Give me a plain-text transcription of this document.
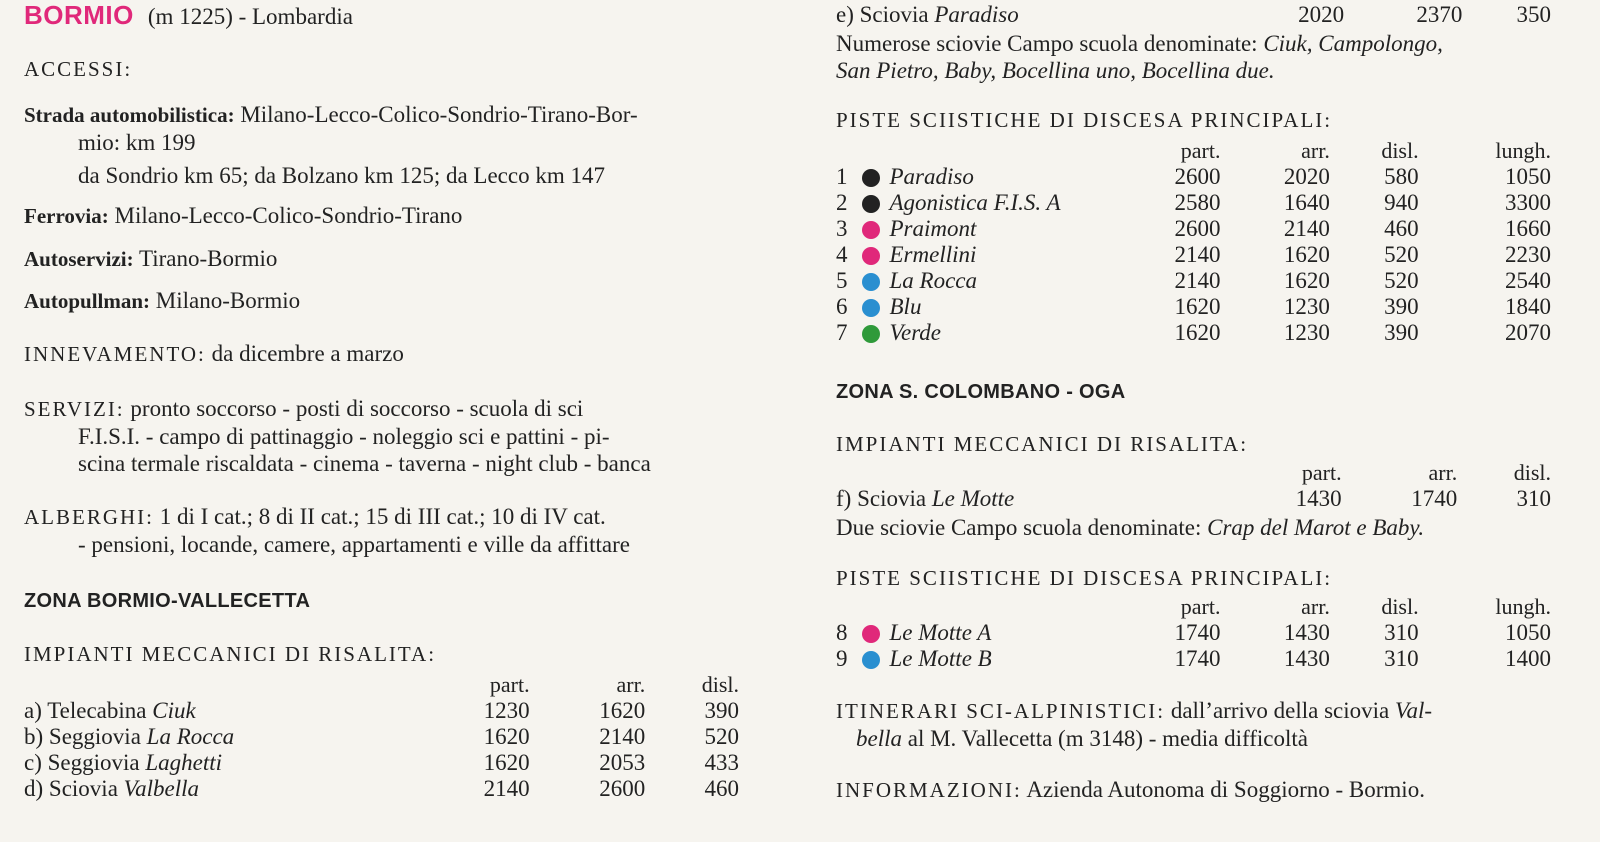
BORMIO (m 1225) - Lombardia
ACCESSI:
Strada automobilistica: Milano-Lecco-Colico-Sondrio-Tirano-Bor-
mio: km 199
da Sondrio km 65; da Bolzano km 125; da Lecco km 147
Ferrovia: Milano-Lecco-Colico-Sondrio-Tirano
Autoservizi: Tirano-Bormio
Autopullman: Milano-Bormio
INNEVAMENTO: da dicembre a marzo
SERVIZI: pronto soccorso - posti di soccorso - scuola di sci
F.I.S.I. - campo di pattinaggio - noleggio sci e pattini - pi-
scina termale riscaldata - cinema - taverna - night club - banca
ALBERGHI: 1 di I cat.; 8 di II cat.; 15 di III cat.; 10 di IV cat.
- pensioni, locande, camere, appartamenti e ville da affittare
ZONA BORMIO-VALLECETTA
IMPIANTI MECCANICI DI RISALITA:
	part.	arr.	disl.
a) Telecabina Ciuk	1230	1620	390
b) Seggiovia La Rocca	1620	2140	520
c) Seggiovia Laghetti	1620	2053	433
d) Sciovia Valbella	2140	2600	460
e) Sciovia Paradiso	2020	2370	350
Numerose sciovie Campo scuola denominate: Ciuk, Campolongo,
San Pietro, Baby, Bocellina uno, Bocellina due.
PISTE SCIISTICHE DI DISCESA PRINCIPALI:
	part.	arr.	disl.	lungh.
1 Paradiso	2600	2020	580	1050
2 Agonistica F.I.S. A	2580	1640	940	3300
3 Praimont	2600	2140	460	1660
4 Ermellini	2140	1620	520	2230
5 La Rocca	2140	1620	520	2540
6 Blu	1620	1230	390	1840
7 Verde	1620	1230	390	2070
ZONA S. COLOMBANO - OGA
IMPIANTI MECCANICI DI RISALITA:
	part.	arr.	disl.
f) Sciovia Le Motte	1430	1740	310
Due sciovie Campo scuola denominate: Crap del Marot e Baby.
PISTE SCIISTICHE DI DISCESA PRINCIPALI:
	part.	arr.	disl.	lungh.
8 Le Motte A	1740	1430	310	1050
9 Le Motte B	1740	1430	310	1400
ITINERARI SCI-ALPINISTICI: dall’arrivo della sciovia Val-
bella al M. Vallecetta (m 3148) - media difficoltà
INFORMAZIONI: Azienda Autonoma di Soggiorno - Bormio.
